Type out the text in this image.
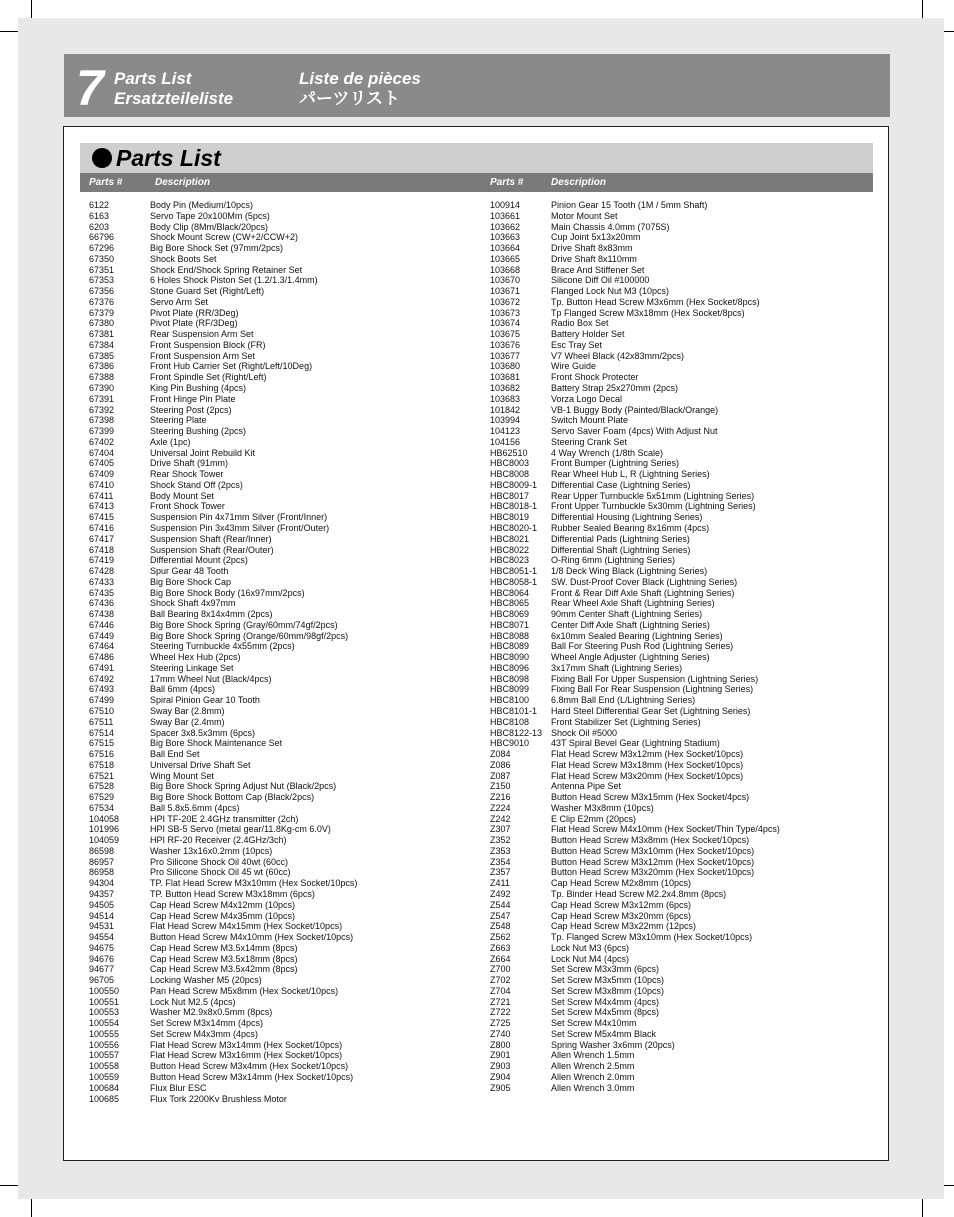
7 Parts List
Ersatzteileliste
Liste de pièces
パーツリスト
Parts List
Parts #	Description	Parts #	Description
6122	Body Pin (Medium/10pcs)
6163	Servo Tape 20x100Mm (5pcs)
6203	Body Clip (8Mm/Black/20pcs)
66796	Shock Mount Screw (CW+2/CCW+2)
67296	Big Bore Shock Set (97mm/2pcs)
67350	Shock Boots Set
67351	Shock End/Shock Spring Retainer Set
67353	6 Holes Shock Piston Set (1.2/1.3/1.4mm)
67356	Stone Guard Set (Right/Left)
67376	Servo Arm Set
67379	Pivot Plate (RR/3Deg)
67380	Pivot Plate (RF/3Deg)
67381	Rear Suspension Arm Set
67384	Front Suspension Block (FR)
67385	Front Suspension Arm Set
67386	Front Hub Carrier Set (Right/Left/10Deg)
67388	Front Spindle Set (Right/Left)
67390	King Pin Bushing (4pcs)
67391	Front Hinge Pin Plate
67392	Steering Post (2pcs)
67398	Steering Plate
67399	Steering Bushing (2pcs)
67402	Axle (1pc)
67404	Universal Joint Rebuild Kit
67405	Drive Shaft (91mm)
67409	Rear Shock Tower
67410	Shock Stand Off (2pcs)
67411	Body Mount Set
67413	Front Shock Tower
67415	Suspension Pin 4x71mm Silver (Front/Inner)
67416	Suspension Pin 3x43mm Silver (Front/Outer)
67417	Suspension Shaft (Rear/Inner)
67418	Suspension Shaft (Rear/Outer)
67419	Differential Mount (2pcs)
67428	Spur Gear 48 Tooth
67433	Big Bore Shock Cap
67435	Big Bore Shock Body (16x97mm/2pcs)
67436	Shock Shaft 4x97mm
67438	Ball Bearing 8x14x4mm (2pcs)
67446	Big Bore Shock Spring (Gray/60mm/74gf/2pcs)
67449	Big Bore Shock Spring (Orange/60mm/98gf/2pcs)
67464	Steering Turnbuckle 4x55mm (2pcs)
67486	Wheel Hex Hub (2pcs)
67491	Steering Linkage Set
67492	17mm Wheel Nut (Black/4pcs)
67493	Ball 6mm (4pcs)
67499	Spiral Pinion Gear 10 Tooth
67510	Sway Bar (2.8mm)
67511	Sway Bar (2.4mm)
67514	Spacer 3x8.5x3mm (6pcs)
67515	Big Bore Shock Maintenance Set
67516	Ball End Set
67518	Universal Drive Shaft Set
67521	Wing Mount Set
67528	Big Bore Shock Spring Adjust Nut (Black/2pcs)
67529	Big Bore Shock Bottom Cap (Black/2pcs)
67534	Ball 5.8x5.6mm (4pcs)
104058	HPI TF-20E 2.4GHz transmitter (2ch)
101996	HPI SB-5 Servo (metal gear/11.8Kg-cm 6.0V)
104059	HPI RF-20 Receiver (2.4GHz/3ch)
86598	Washer 13x16x0.2mm (10pcs)
86957	Pro Silicone Shock Oil 40wt (60cc)
86958	Pro Silicone Shock Oil 45 wt (60cc)
94304	TP. Flat Head Screw M3x10mm (Hex Socket/10pcs)
94357	TP. Button Head Screw M3x18mm (6pcs)
94505	Cap Head Screw M4x12mm (10pcs)
94514	Cap Head Screw M4x35mm (10pcs)
94531	Flat Head Screw M4x15mm (Hex Socket/10pcs)
94554	Button Head Screw M4x10mm (Hex Socket/10pcs)
94675	Cap Head Screw M3.5x14mm (8pcs)
94676	Cap Head Screw M3.5x18mm (8pcs)
94677	Cap Head Screw M3.5x42mm (8pcs)
96705	Locking Washer M5 (20pcs)
100550	Pan Head Screw M5x8mm (Hex Socket/10pcs)
100551	Lock Nut M2.5 (4pcs)
100553	Washer M2.9x8x0.5mm (8pcs)
100554	Set Screw M3x14mm (4pcs)
100555	Set Screw M4x3mm (4pcs)
100556	Flat Head Screw M3x14mm (Hex Socket/10pcs)
100557	Flat Head Screw M3x16mm (Hex Socket/10pcs)
100558	Button Head Screw M3x4mm (Hex Socket/10pcs)
100559	Button Head Screw M3x14mm (Hex Socket/10pcs)
100684	Flux Blur ESC
100685	Flux Tork 2200Kv Brushless Motor
100914	Pinion Gear 15 Tooth (1M / 5mm Shaft)
103661	Motor Mount Set
103662	Main Chassis 4.0mm (7075S)
103663	Cup Joint 5x13x20mm
103664	Drive Shaft 8x83mm
103665	Drive Shaft 8x110mm
103668	Brace And Stiffener Set
103670	Silicone Diff Oil #100000
103671	Flanged Lock Nut M3 (10pcs)
103672	Tp. Button Head Screw M3x6mm (Hex Socket/8pcs)
103673	Tp Flanged Screw M3x18mm (Hex Socket/8pcs)
103674	Radio Box Set
103675	Battery Holder Set
103676	Esc Tray Set
103677	V7 Wheel Black (42x83mm/2pcs)
103680	Wire Guide
103681	Front Shock Protecter
103682	Battery Strap 25x270mm (2pcs)
103683	Vorza Logo Decal
101842	VB-1 Buggy Body (Painted/Black/Orange)
103994	Switch Mount Plate
104123	Servo Saver Foam (4pcs) With Adjust Nut
104156	Steering Crank Set
HB62510	4 Way Wrench (1/8th Scale)
HBC8003 Front Bumper (Lightning Series)
HBC8008 Rear Wheel Hub L, R (Lightning Series)
HBC8009-1 Differential Case (Lightning Series)
HBC8017 Rear Upper Turnbuckle 5x51mm (Lightning Series)
HBC8018-1 Front Upper Turnbuckle 5x30mm (Lightning Series)
HBC8019 Differential Housing (Lightning Series)
HBC8020-1 Rubber Sealed Bearing 8x16mm (4pcs)
HBC8021 Differential Pads (Lightning Series)
HBC8022 Differential Shaft (Lightning Series)
HBC8023 O-Ring 6mm (Lightning Series)
HBC8051-1 1/8 Deck Wing Black (Lightning Series)
HBC8058-1 SW. Dust-Proof Cover Black (Lightning Series)
HBC8064 Front & Rear Diff Axle Shaft (Lightning Series)
HBC8065 Rear Wheel Axle Shaft (Lightning Series)
HBC8069 90mm Center Shaft (Lightning Series)
HBC8071 Center Diff Axle Shaft (Lightning Series)
HBC8088 6x10mm Sealed Bearing (Lightning Series)
HBC8089 Ball For Steering Push Rod (Lightning Series)
HBC8090 Wheel Angle Adjuster (Lightning Series)
HBC8096 3x17mm Shaft (Lightning Series)
HBC8098 Fixing Ball For Upper Suspension (Lightning Series)
HBC8099 Fixing Ball For Rear Suspension (Lightning Series)
HBC8100 6.8mm Ball End (L/Lightning Series)
HBC8101-1 Hard Steel Differential Gear Set (Lightning Series)
HBC8108 Front Stabilizer Set (Lightning Series)
HBC8122-13 Shock Oil #5000
HBC9010 43T Spiral Bevel Gear (Lightning Stadium)
Z084	Flat Head Screw M3x12mm (Hex Socket/10pcs)
Z086	Flat Head Screw M3x18mm (Hex Socket/10pcs)
Z087	Flat Head Screw M3x20mm (Hex Socket/10pcs)
Z150	Antenna Pipe Set
Z216	Button Head Screw M3x15mm (Hex Socket/4pcs)
Z224	Washer M3x8mm (10pcs)
Z242	E Clip E2mm (20pcs)
Z307	Flat Head Screw M4x10mm (Hex Socket/Thin Type/4pcs)
Z352	Button Head Screw M3x8mm (Hex Socket/10pcs)
Z353	Button Head Screw M3x10mm (Hex Socket/10pcs)
Z354	Button Head Screw M3x12mm (Hex Socket/10pcs)
Z357	Button Head Screw M3x20mm (Hex Socket/10pcs)
Z411	Cap Head Screw M2x8mm (10pcs)
Z492	Tp. Binder Head Screw M2.2x4.8mm (8pcs)
Z544	Cap Head Screw M3x12mm (6pcs)
Z547	Cap Head Screw M3x20mm (6pcs)
Z548	Cap Head Screw M3x22mm (12pcs)
Z562	Tp. Flanged Screw M3x10mm (Hex Socket/10pcs)
Z663	Lock Nut M3 (6pcs)
Z664	Lock Nut M4 (4pcs)
Z700	Set Screw M3x3mm (6pcs)
Z702	Set Screw M3x5mm (10pcs)
Z704	Set Screw M3x8mm (10pcs)
Z721	Set Screw M4x4mm (4pcs)
Z722	Set Screw M4x5mm (8pcs)
Z725	Set Screw M4x10mm
Z740	Set Screw M5x4mm Black
Z800	Spring Washer 3x6mm (20pcs)
Z901	Allen Wrench 1.5mm
Z903	Allen Wrench 2.5mm
Z904	Allen Wrench 2.0mm
Z905	Allen Wrench 3.0mm
